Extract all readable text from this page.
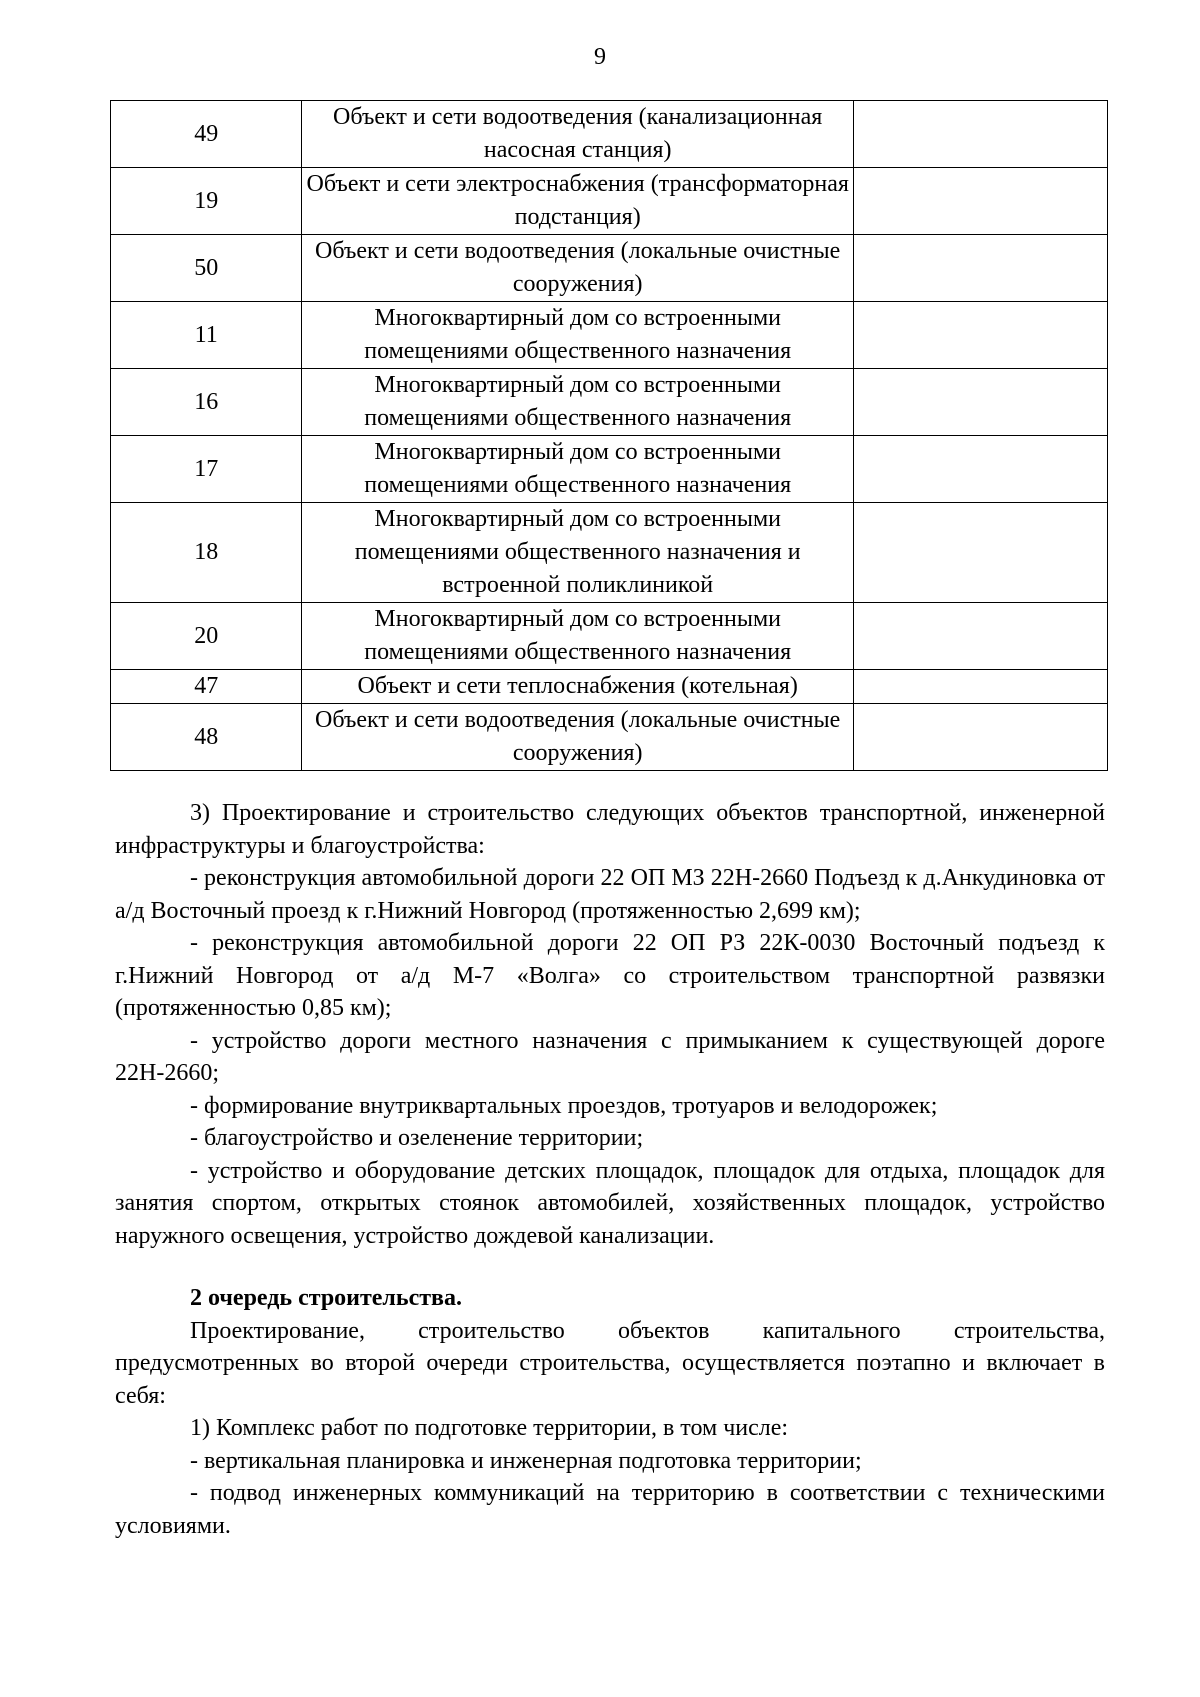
9
49	Объект и сети водоотведения (канализационная насосная станция)	
19	Объект и сети электроснабжения (трансформаторная подстанция)	
50	Объект и сети водоотведения (локальные очистные сооружения)	
11	Многоквартирный дом со встроенными помещениями общественного назначения	
16	Многоквартирный дом со встроенными помещениями общественного назначения	
17	Многоквартирный дом со встроенными помещениями общественного назначения	
18	Многоквартирный дом со встроенными помещениями общественного назначения и встроенной поликлиникой	
20	Многоквартирный дом со встроенными помещениями общественного назначения	
47	Объект и сети теплоснабжения (котельная)	
48	Объект и сети водоотведения (локальные очистные сооружения)	

3) Проектирование и строительство следующих объектов транспортной, инженерной инфраструктуры и благоустройства:

- реконструкция автомобильной дороги 22 ОП МЗ 22Н-2660 Подъезд к д.Анкудиновка от а/д Восточный проезд к г.Нижний Новгород (протяженностью 2,699 км);

- реконструкция автомобильной дороги 22 ОП РЗ 22К-0030 Восточный подъезд к г.Нижний Новгород от а/д М-7 «Волга» со строительством транспортной развязки (протяженностью 0,85 км);

- устройство дороги местного назначения с примыканием к существующей дороге 22Н-2660;

- формирование внутриквартальных проездов, тротуаров и велодорожек;

- благоустройство и озеленение территории;

- устройство и оборудование детских площадок, площадок для отдыха, площадок для занятия спортом, открытых стоянок автомобилей, хозяйственных площадок, устройство наружного освещения, устройство дождевой канализации.

2 очередь строительства.

Проектирование, строительство объектов капитального строительства, предусмотренных во второй очереди строительства, осуществляется поэтапно и включает в себя:

1) Комплекс работ по подготовке территории, в том числе:

- вертикальная планировка и инженерная подготовка территории;

- подвод инженерных коммуникаций на территорию в соответствии с техническими условиями.
